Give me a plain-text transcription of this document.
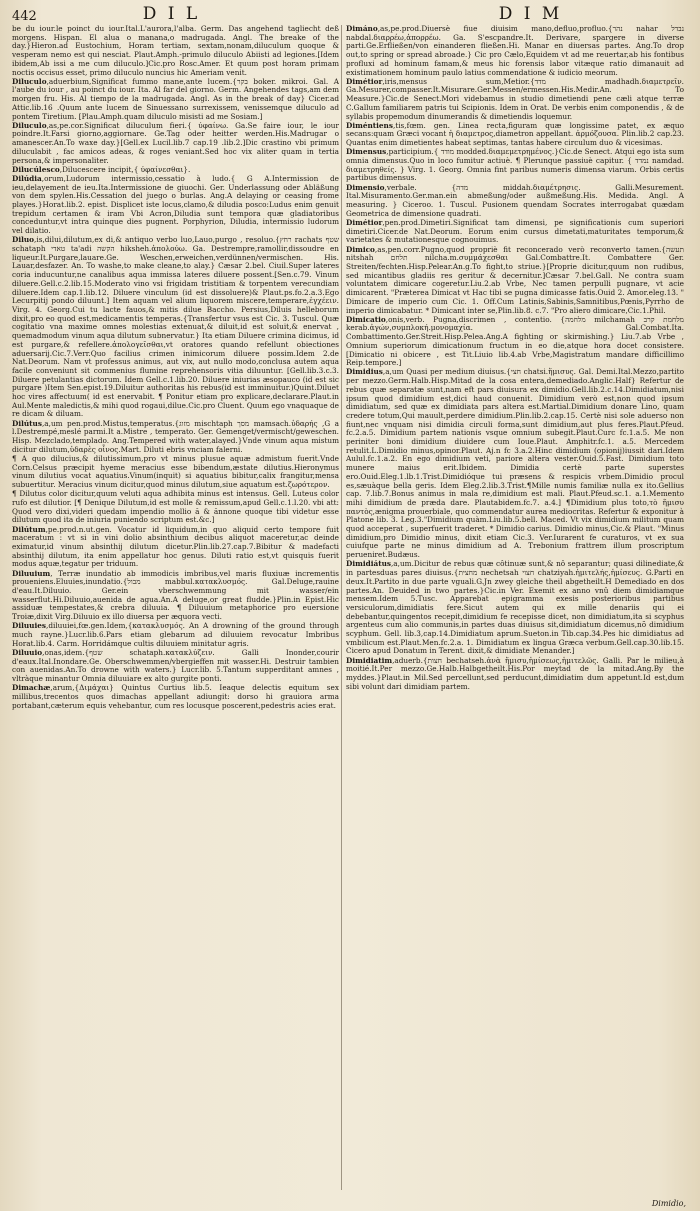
442	D I L	D I M

be du iour.le poinct du iour.Ital.L'aurora,l'alba. Germ. Das angehend tagliecht deß morgens. Hispan. El alua o manana,o madrugada. Angl. The breake of the day.}Hieron.ad Eustochium, Horam tertiam, sextam,nonam,diluculum quoque & vesperam nemo est qui nesciat. Plaut.Amph.-primulo diluculo Abiisti ad legiones.[Idem ibidem,Ab issi a me cum diluculo.]Cic.pro Rosc.Amer. Et quum post horam primam noctis occisus esset, primo diluculo nuncius hic Ameriam venit.

Diluculo,aduerbium,Significat fummo mane,ante lucem.{בקר boker. mikroi. Gal. A l'aube du iour , au poinct du iour. Ita. Al far del giorno. Germ. Angehendes tags,am dem morgen fru. His. Al tiempo de la madrugada. Angl. As in the break of day} Cicer.ad Attic.lib.16 .Quum ante lucem de Sinuessano surrexissem, venissemque diluculo ad pontem Tiretium. [Plau.Amph.quam diluculo misisti ad me Sosiam.]

Diluculo,as,pe.cor.Significat diluculum fieri.{ ύφαίνω. Ga.Se faire iour, le iour poindre.It.Farsi giorno,aggiornare. Ge.Tag oder heitter werden.His.Madrugar o amanescer.An.To waxe day.}[Gell.ex Lucil.lib.7 cap.19 .lib.2.]Dic crastino vbi primum diluculabit , fac amicos adeas, & roges veniant.Sed hoc vix aliter quam in tertia persona,& impersonaliter.

Dilucúlesco,Dilucescere incipit,{ ύφαίνεσθαι}.

Dilúdia,orum,Ludorum intermissio,cessatio à ludo.{ G A.Intermission de ieu,delayement de ieu.Ita.Intermissione de giuochi. Ger. Underlassung oder Abläßung von dem spylen.His.Cessation del juego o burlas. Ang.A delaying or ceasing frome playes.}Horat.lib.2. epist. Displicet iste locus,clamo,& diludia posco:Ludus enim genuit trepidum certamen & iram Vbi Acron,Diludia sunt tempora quæ gladiatoribus conceduntur,vt intra quinque dies pugnent. Porphyrion, Diludia, intermissio ludorum vel dilatio.

Diluo,is,dilui,dilutum,ex di,& antiquo verbo luo,Lauo,purgo , resoluo.{רחץ rachats שטף schataph טאדי ta'adi הקשה hiksheh.ἀπολούω. Ga. Destrempre,ramollir,dissoudre en liqueur.It.Purgare,lauare.Ge. Weschen,erweichen,verdünnen/vermischen. His. Lauar,desfazer. An. To washe,to make cleane,to alay.} Cæsar 2.bel. Ciuil.Super lateres coria inducuntur,ne canalibus aqua immissa lateres diluere possent.[Sen.c.79. Vinum diluere.Gell.c.2.lib.15.Moderato vino vsi frigidam tristitiam & torpentem verecundiam diluere.Idem cap.1.lib.12. Diluere vinculum (id est dissoluere)& Plaut.ps.fo.2.a.3.Ego Lecurpitij pondo diluunt.] Item aquam vel alium liquorem miscere,temperare,ἐγχέειν. Virg. 4. Georg.Cui tu lacte fauos,& mitis dilue Baccho. Persius,Diluis helleborum dixit,pro eo quod est,medicamentis temperas.{Transfertur vsus est Cic. 3. Tuscul. Quæ cogitatio vna maxime omnes molestias extenuat,& diluit,id est soluit,& enervat , quemadmodum vinum aqua dilutum subnervatur.} Ita etiam Diluere crimina dicimus, id est purgare,& refellere.ἀπολογεῖσθαι,vt oratores quando refellunt obiectiones aduersarij.Cic.7.Verr.Quo facilius crimen inimicorum diluere possim.Idem 2.de Nat.Deorum. Nam vt professus animus, aut vix, aut nullo modo,conclusa autem aqua facile conveniunt sit commenius flumine reprehensoris vitia diluuntur. [Gell.lib.3.c.3. Diluere petulantias dictorum. Idem Gell.c.1.lib.20. Diluere iniurias æsopauco (id est sic purgare )Item Sen.epist.19.Diluitur authoritas his rebus(id est imminuitur.)Quint.Diluet hoc vires affectuum( id est enervabit. ¶ Ponitur etiam pro explicare,declarare.Plaut.in Aul.Mente maledictis,& mihi quod rogaui,dilue.Cic.pro Cluent. Quum ego vnaquaque de re dicam & diluam.

Dilútus,a,um pen.prod.Mistus,temperatus.{מזוג mischtaph מסך mamsach.ὑδαρής ,G a l.Destrempé,meslé parmi.It a.Mistre , temperato. Ger. Gemenget/vermischt/geweschen. Hisp. Mezclado,templado. Ang.Tempered with water,alayed.}Vnde vinum aqua mistum dicitur dilutum,ὑδαρὲς οἶνος.Mart. Diluti ebris vnciam falerni.

¶ A quo dilucius,& dilutissimum,pro vt minus plusue aquæ admistum fuerit.Vnde Corn.Celsus præcipit hyeme meracius esse bibendum,æstate dilutius.Hieronymus vinum dilutius vocat aquatius.Vinum(inquit) si aquatius bibitur,calix frangitur,mensa subuertitur. Meracius vinum dicitur,quod minus dilutum,siue aquatum est.ζωρότερον.

¶ Dilutus color dicitur,quum veluti aqua adhibita minus est intensus. Gell. Luteus color rufo est dilutior. [¶ Denique Dilutum,id est molle & remissum,apud Gell.c.1.l.20. vbi att: Quod vero dixi,videri quedam impendio mollio ă & ănnone quoque tibi videtur esse dilutum quod ita de iniuria puniendo scriptum est.&c.]

Dilútum,pe.prod.n.ut.gen. Vocatur id liquidum,in quo aliquid certo tempore fuit maceratum : vt si in vini dolio absinthium decibus aliquot maceretur,ac deinde eximatur,id vinum absinthij dilutum dicetur.Plin.lib.27.cap.7.Bibitur & madefacti absinthij dilutum, ita enim appellatur hoc genus. Diluti ratio est,vt quisquis fuerit modus aquæ,tegatur per triduum.

Diluuium, Terræ inundatio ab immodicis imbribus,vel maris fluxiuæ incrementis proueniens.Eluuies,inundatio.{מבול mabbul.κατακλυσμός. Gal.Deluge,rauine d'eau.It.Diluuio. Ger.ein vberschwemmung mit wasser/ein wasserflut.Hi.Diluuio,auenida de agua.An.A deluge,or great fludde.}Plin.in Epist.Hic assiduæ tempestates,& crebra diluuia. ¶ Diluuium metaphorice pro euersione Troiæ,dixit Virg.Diluuio ex illo diuersa per æquora vecti.

Diluuies,diluuiei,fœ.gen.Idem,{κατακλυσμός. An A drowning of the ground through much rayne.}Lucr.lib.6.Pars etiam glebarum ad diluuiem revocatur Imbribus Horat.lib.4. Carm. Horridámque cultis diluuiem minitatur agris.

Diluuio,onas,idem.{שטף schataph.κατακλύζειν. Galli Inonder,courir d'eaux.Ital.Inondare.Ge. Oberschwemmen/vbergieffen mit wasser.Hi. Destruir tambien con auenidas.An.To drowne with waters.} Lucr.lib. 5.Tantum supperditant amnes , vltràque minantur Omnia diluuiare ex alto gurgite ponti.

Dimachæ,arum,{Διμάχαι} Quintus Curtius lib.5. Ieaque delectis equitum sex millibus,trecentos quos dimachas appellant adiungit: dorso hi grauiora arma portabant,cæterum equis vehebantur, cum res locusque poscerent,pedestris acies erat.

Dimáno,as,pe.prod.Diuersè fiue diuisim mano,defluo,profluo.{נהר nahar נבדל nabdal.διαρρέω,ἀπορρέω. Ga. S'escpandre.It. Derivare, spargere in diverse parti.Ge.Erfließen/von einanderen fließen.Hi. Manar en diuersas partes. Ang.To drop out,to spring or spread abroade.} Cic pro Cælo,Equidem vt ad me reuertar,ab his fontibus profluxi ad hominum famam,& meus hic forensis labor vitæque ratio dimanauit ad existimationem hominum paulo latius commendatione & iudicio meorum.

Dimétior,iris,mensus sum,Metior.{מדד madhadh.διαμετρεῖν. Ga.Mesurer,compasser.It.Misurare.Ger.Messen/ermessen.His.Medir.An. To Measure.}Cic.de Senect.Mori videbamus in studio dimetiendi pene cæli atque terræ C.Gallum familiarem patris tui Scipionis. Idem in Orat. De verbis enim componendis , & de syllabis propemodum dinumerandis & dimetiendis loquemur.

Diméntiens,tis,fœm. gen. Linea recta,figuram quæ longissime patet, ex æquo secans:quam Græci vocant ἡ διαμετρος,diametron appellant. ἀρμόζουσα. Plin.lib.2 cap.23. Quantas enim dimetientes habeat septimas, tantas habere circulum duo & vicesimas.

Dimensus,participium.{ מודד modded.διαμεμετρημένος.}Cic.de Senect. Atqui ego ista sum omnia dimensus.Quo in loco fumitur actiuè. ¶ Plerunque passiuè capitur. { נמדד namdad. διαμετρηθείς. } Virg. 1. Georg. Omnia fint paribus numeris dimensa viarum. Orbis certis partibus dimensus.

Dimensio,verbale. {מדה middah.διαμέτρησις. Galli.Mesurement. Ital.Misuramento.Ger.man.ein abmeßung/oder außmeßung.His. Medida. Angl. A measuring. } Ciceroo. 1. Tuscul. Pusionem quendam Socrates interrogabat quædam Geometrica de dimensione quadrati.

Dimétior,pen.prod.Dimetiri.Significat tam dimensi, pe significationis cum superiori dimetiri.Cicer.de Nat.Deorum. Eorum enim cursus dimetati,maturitates temporum,& varietates & mutationesque cognouimus.

Dimico,as,pen.corr.Pugno,quod propriè fit reconcerado verò reconverto tamen.{תעשה nitshah תלחם nilcha.m.συμμάχεσθαι Gal.Combattre.It. Combattere Ger. Streiten/fechten.Hisp.Pelear.An.g.To fight,to striue.}[Proprie dicitur,quum non rudibus, sed micantibus gladiis res geritur & decernitur.]Cæsar 7.bel.Gall. Ne contra suam voluntatem dimicare cogeretur.Liu.2.ab Vrbe, Nec tamen perpulli pugnare, vt acie dimicarent. "Præterea Dimicat vt Hac tibi se pugna dimicasse fatis.Ouid 2. Amor.eleg.13. " Dimicare de imperio cum Cic. 1. Off.Cum Latinis,Sabinis,Samnitibus,Pœnis,Pyrrho de imperio dimicabatur. * Dimicant inter se,Plin.lib.8. c.7. "Pro aliero dimicare,Cic.1.Phil.

Dimicatio,onis,verb. Pugna,discrimen , contentio. {מלחמה milchamah מלחמת קרב kerab.ἀγών,συμπλοκή.μονομαχία. Gal.Combat.Ita. Combattimento.Ger.Streit.Hisp.Pelea.Ang.A fighting or skirmishing.} Liu.7.ab Vrbe , Omnium superiorum dimicationum fructum in eo die,atque hora docet consistere. [Dimicatio ni obicere , est Tit.Liuio lib.4.ab Vrbe,Magistratum mandare difficillimo Reip.tempore.]

Dimidius,a,um Quasi per medium diuisus.{חצי chatsi.ἥμισυς. Gal. Demi.Ital.Mezzo,partito per mezzo.Germ.Halb.Hisp.Mitad de la cosa entera,demediado.Anglic.Half} Refertur de rebus quæ separatæ sunt,nam eft pars diuisura ex dimidio.Gell.lib.2.c.14.Dimidiatum,nisi ipsum quod dimidium est,dici haud conuenit. Dimidium verò est,non quod ipsum dimidiatum, sed quæ ex dimidiata pars altera est.Martial.Dimidium donare Lino, quam credere totum,Qui mauult,perdere dimidium.Plin.lib.2.cap.15. Certè nisi sole aduerso non fiunt,nec vnquam nisi dimidia circuli forma,sunt dimidium,aut plus feres.Plaut.Pfeud. fc.2.a.5. Dimidium partem nationis vsque omnium subegit.Plaut.Curc fc.1.a.5. Me non periniter boni dimidium diuidere cum Ioue.Plaut. Amphitr.fc.1. a.5. Mercedem retulit.L.Dimidio minus,opinor.Plaut. Aj.n fc 3.a.2.Hinc dimidium (opionij)iussit dari.Idem Aulul.fc.1.a.2. En ego dimidium veti, pariore altera vester.Ouid.5.Fast. Dimidium toto munere maius erit.Ibidem. Dimidia certè parte superstes ero.Ouid.Eleg.1.lb.1.Trist.Dimidióque tui præsens & respicis vrbem.Dimidio procul es,sæuàque bella geris. Idem Eleg.2.lib.3.Trist.¶Mille numis familiæ nulla ex ito.Gellius cap. 7.lib.7.Bonus animus in mala re,dimidium est mali. Plaut.Pfeud.sc.1. a.1.Memento mihi dimidium de præda dare. Plautabidem.fc.7. a.4.] ¶Dimidium plus toto,τὸ ἥμισυ παντὸς,ænigma prouerbiale, quo commendatur aurea mediocritas. Refertur & exponitur à Platone lib. 3. Leg.3."Dimidium quàm.Liu.lib.5.bell. Maced. Vt vix dimidium militum quam quod acceperat , superfuerit traderet. * Dimidio carius. Dimidio minus,Cic.& Plaut. "Minus dimidium,pro Dimidio minus, dixit etiam Cic.3. Ver.Iurarent fe curaturos, vt ex sua cuiufque parte ne minus dimidium ad A. Trebonium frattrem illum proscriptum perueniret.Budæus.

Dimidiátus,a,um.Dicitur de rebus quæ côtinuæ sunt,& nô separantur; quasi dilinediate,& in partesduas pares diuisus.{מחצית nechetsah חצוי chatziyah.ἡμιτελής,ἡμίσευς. G.Parti en deux.It.Partito in due parte vguali.G.Jn zwey gleiche theil abgetheilt.H Demediado en dos partes.An. Deuided in two partes.}Cic.in Ver. Exemit ex anno vnû diem dimidiamque mensem.Idem 5.Tusc. Apparebat epigramma exesis posterioribus partibus versiculorum,dimidiatis fere.Sicut autem qui ex mille denariis qui ei debebantur,quingentos recepit,dimidium fe recepisse dicet, non dimidiatum,ita si scyphus argenteus cum alio communis,in partes duas diuisus sit,dimidiatum dicemus,nõ dimidium scyphum. Gell. lib.3,cap.14.Dimidiatum aprum.Sueton.in Tib.cap.34.Pes hic dimidiatus ad vmbilicum est.Plaut.Men.fc.2.a. 1. Dimidiatum ex lingua Græca verbum.Gell.cap.30.lib.15. Cicero apud Donatum in Terent. dixit,& dimidiate Menander.]

Dimidiatim,aduerb.{חצות bechatseh.ἀνὰ ἥμισυ,ἡμίσεως,ἡμιτελῶς. Galli. Par le milieu,à moitié.It.Per mezzo.Ge.Halb.Halbgetheilt.His.Por meytad de la mitad.Ang.By the myddes.}Plaut.in Mil.Sed percellunt,sed perducunt,dimidiatim dum appetunt.Id est,dum sibi volunt dari dimidiam partem.

Dimidio,
